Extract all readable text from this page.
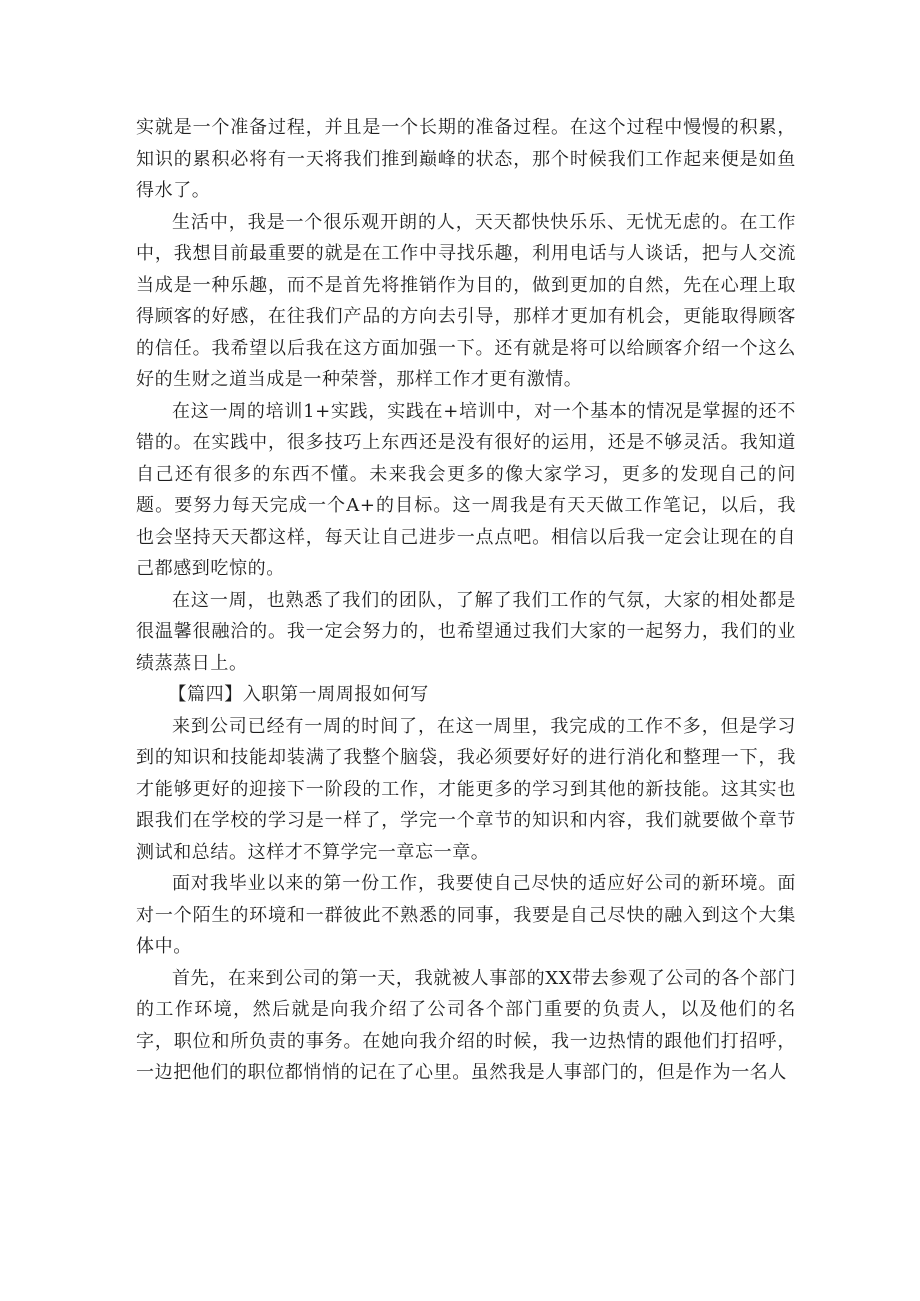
实就是一个准备过程，并且是一个长期的准备过程。在这个过程中慢慢的积累，知识的累积必将有一天将我们推到巅峰的状态，那个时候我们工作起来便是如鱼得水了。

生活中，我是一个很乐观开朗的人，天天都快快乐乐、无忧无虑的。在工作中，我想目前最重要的就是在工作中寻找乐趣，利用电话与人谈话，把与人交流当成是一种乐趣，而不是首先将推销作为目的，做到更加的自然，先在心理上取得顾客的好感，在往我们产品的方向去引导，那样才更加有机会，更能取得顾客的信任。我希望以后我在这方面加强一下。还有就是将可以给顾客介绍一个这么好的生财之道当成是一种荣誉，那样工作才更有激情。

在这一周的培训1+实践，实践在+培训中，对一个基本的情况是掌握的还不错的。在实践中，很多技巧上东西还是没有很好的运用，还是不够灵活。我知道自己还有很多的东西不懂。未来我会更多的像大家学习，更多的发现自己的问题。要努力每天完成一个A+的目标。这一周我是有天天做工作笔记，以后，我也会坚持天天都这样，每天让自己进步一点点吧。相信以后我一定会让现在的自己都感到吃惊的。

在这一周，也熟悉了我们的团队，了解了我们工作的气氛，大家的相处都是很温馨很融洽的。我一定会努力的，也希望通过我们大家的一起努力，我们的业绩蒸蒸日上。

【篇四】入职第一周周报如何写

来到公司已经有一周的时间了，在这一周里，我完成的工作不多，但是学习到的知识和技能却装满了我整个脑袋，我必须要好好的进行消化和整理一下，我才能够更好的迎接下一阶段的工作，才能更多的学习到其他的新技能。这其实也跟我们在学校的学习是一样了，学完一个章节的知识和内容，我们就要做个章节测试和总结。这样才不算学完一章忘一章。

面对我毕业以来的第一份工作，我要使自己尽快的适应好公司的新环境。面对一个陌生的环境和一群彼此不熟悉的同事，我要是自己尽快的融入到这个大集体中。

首先，在来到公司的第一天，我就被人事部的XX带去参观了公司的各个部门的工作环境，然后就是向我介绍了公司各个部门重要的负责人，以及他们的名字，职位和所负责的事务。在她向我介绍的时候，我一边热情的跟他们打招呼，一边把他们的职位都悄悄的记在了心里。虽然我是人事部门的，但是作为一名人
